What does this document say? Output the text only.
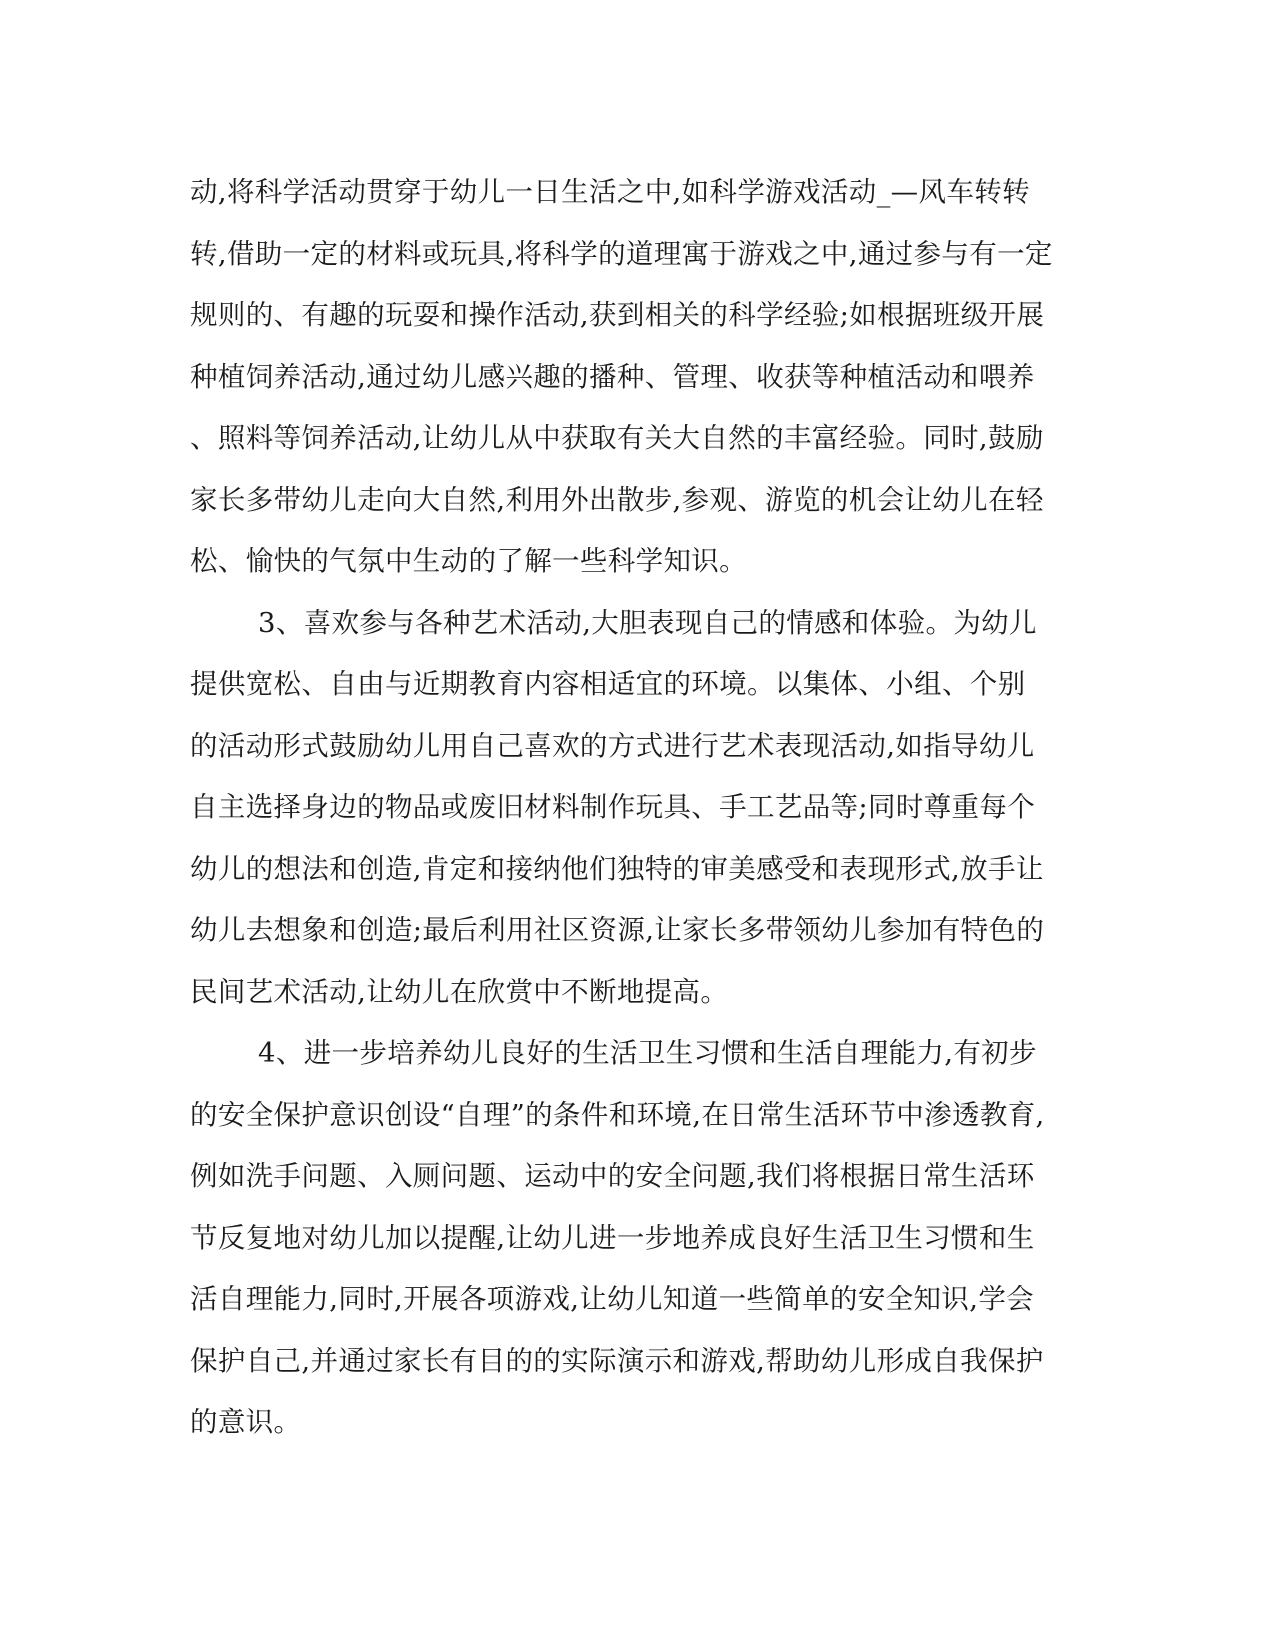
动,将科学活动贯穿于幼儿一日生活之中,如科学游戏活动_—风车转转
转,借助一定的材料或玩具,将科学的道理寓于游戏之中,通过参与有一定
规则的、有趣的玩耍和操作活动,获到相关的科学经验;如根据班级开展
种植饲养活动,通过幼儿感兴趣的播种、管理、收获等种植活动和喂养
、照料等饲养活动,让幼儿从中获取有关大自然的丰富经验。同时,鼓励
家长多带幼儿走向大自然,利用外出散步,参观、游览的机会让幼儿在轻
松、愉快的气氛中生动的了解一些科学知识。
3、喜欢参与各种艺术活动,大胆表现自己的情感和体验。为幼儿
提供宽松、自由与近期教育内容相适宜的环境。以集体、小组、个别
的活动形式鼓励幼儿用自己喜欢的方式进行艺术表现活动,如指导幼儿
自主选择身边的物品或废旧材料制作玩具、手工艺品等;同时尊重每个
幼儿的想法和创造,肯定和接纳他们独特的审美感受和表现形式,放手让
幼儿去想象和创造;最后利用社区资源,让家长多带领幼儿参加有特色的
民间艺术活动,让幼儿在欣赏中不断地提高。
4、进一步培养幼儿良好的生活卫生习惯和生活自理能力,有初步
的安全保护意识创设“自理”的条件和环境,在日常生活环节中渗透教育,
例如洗手问题、入厕问题、运动中的安全问题,我们将根据日常生活环
节反复地对幼儿加以提醒,让幼儿进一步地养成良好生活卫生习惯和生
活自理能力,同时,开展各项游戏,让幼儿知道一些简单的安全知识,学会
保护自己,并通过家长有目的的实际演示和游戏,帮助幼儿形成自我保护
的意识。
